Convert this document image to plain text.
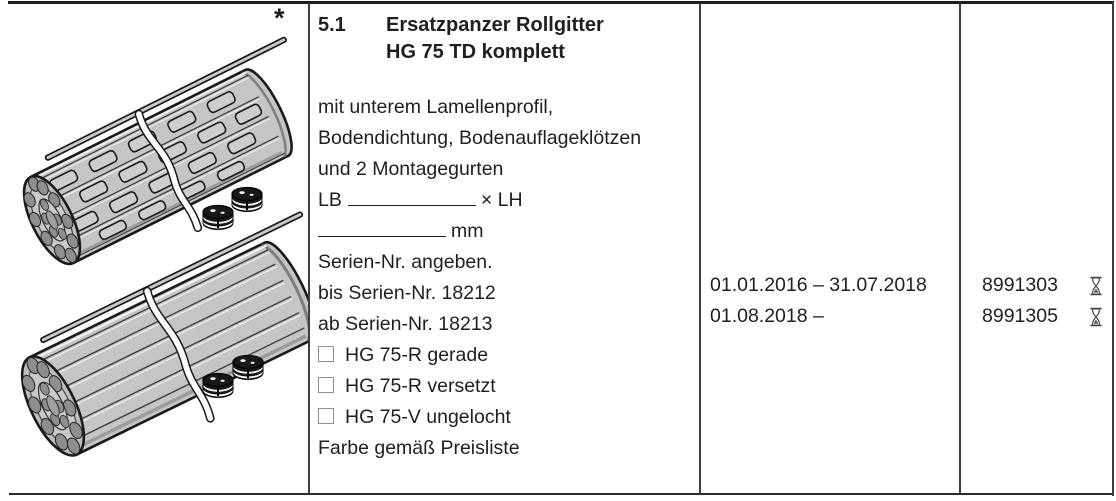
* 5.1	Ersatzpanzer Rollgitter
HG 75 TD komplett
mit unterem Lamellenprofil,
Bodendichtung, Bodenauflageklötzen
und 2 Montagegurten
LB	× LH
mm
Serien-Nr. angeben.
bis Serien-Nr. 18212
ab Serien-Nr. 18213
HG 75-R gerade
HG 75-R versetzt
HG 75-V ungelocht
Farbe gemäß Preisliste
01.01.2016 – 31.07.2018
01.08.2018 –
8991303
8991305
